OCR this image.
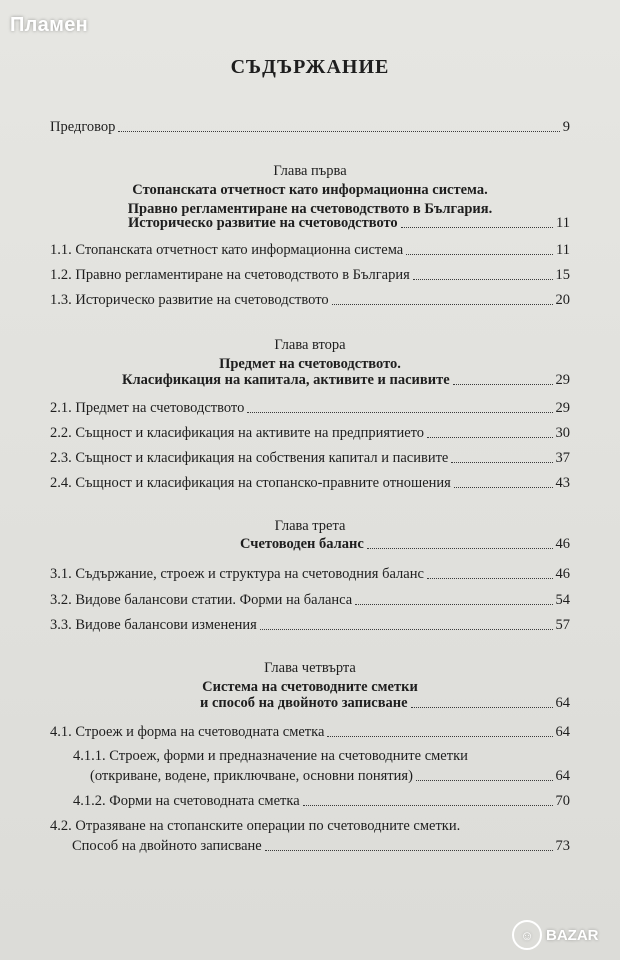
Пламен
СЪДЪРЖАНИЕ
Предговор	9
Глава първа
Стопанската отчетност като информационна система.
Правно регламентиране на счетоводството в България.
Историческо развитие на счетоводството	11
1.1. Стопанската отчетност като информационна система	11
1.2. Правно регламентиране на счетоводството в България	15
1.3. Историческо развитие на счетоводството	20
Глава втора
Предмет на счетоводството.
Класификация на капитала, активите и пасивите	29
2.1. Предмет на счетоводството	29
2.2. Същност и класификация на активите на предприятието	30
2.3. Същност и класификация на собствения капитал и пасивите	37
2.4. Същност и класификация на стопанско-правните отношения	43
Глава трета
Счетоводен баланс	46
3.1. Съдържание, строеж и структура на счетоводния баланс	46
3.2. Видове балансови статии. Форми на баланса	54
3.3. Видове балансови изменения	57
Глава четвърта
Система на счетоводните сметки
и способ на двойното записване	64
4.1. Строеж и форма на счетоводната сметка	64
4.1.1. Строеж, форми и предназначение на счетоводните сметки
(откриване, водене, приключване, основни понятия)	64
4.1.2. Форми на счетоводната сметка	70
4.2. Отразяване на стопанските операции по счетоводните сметки.
Способ на двойното записване	73
☺ BAZAR
